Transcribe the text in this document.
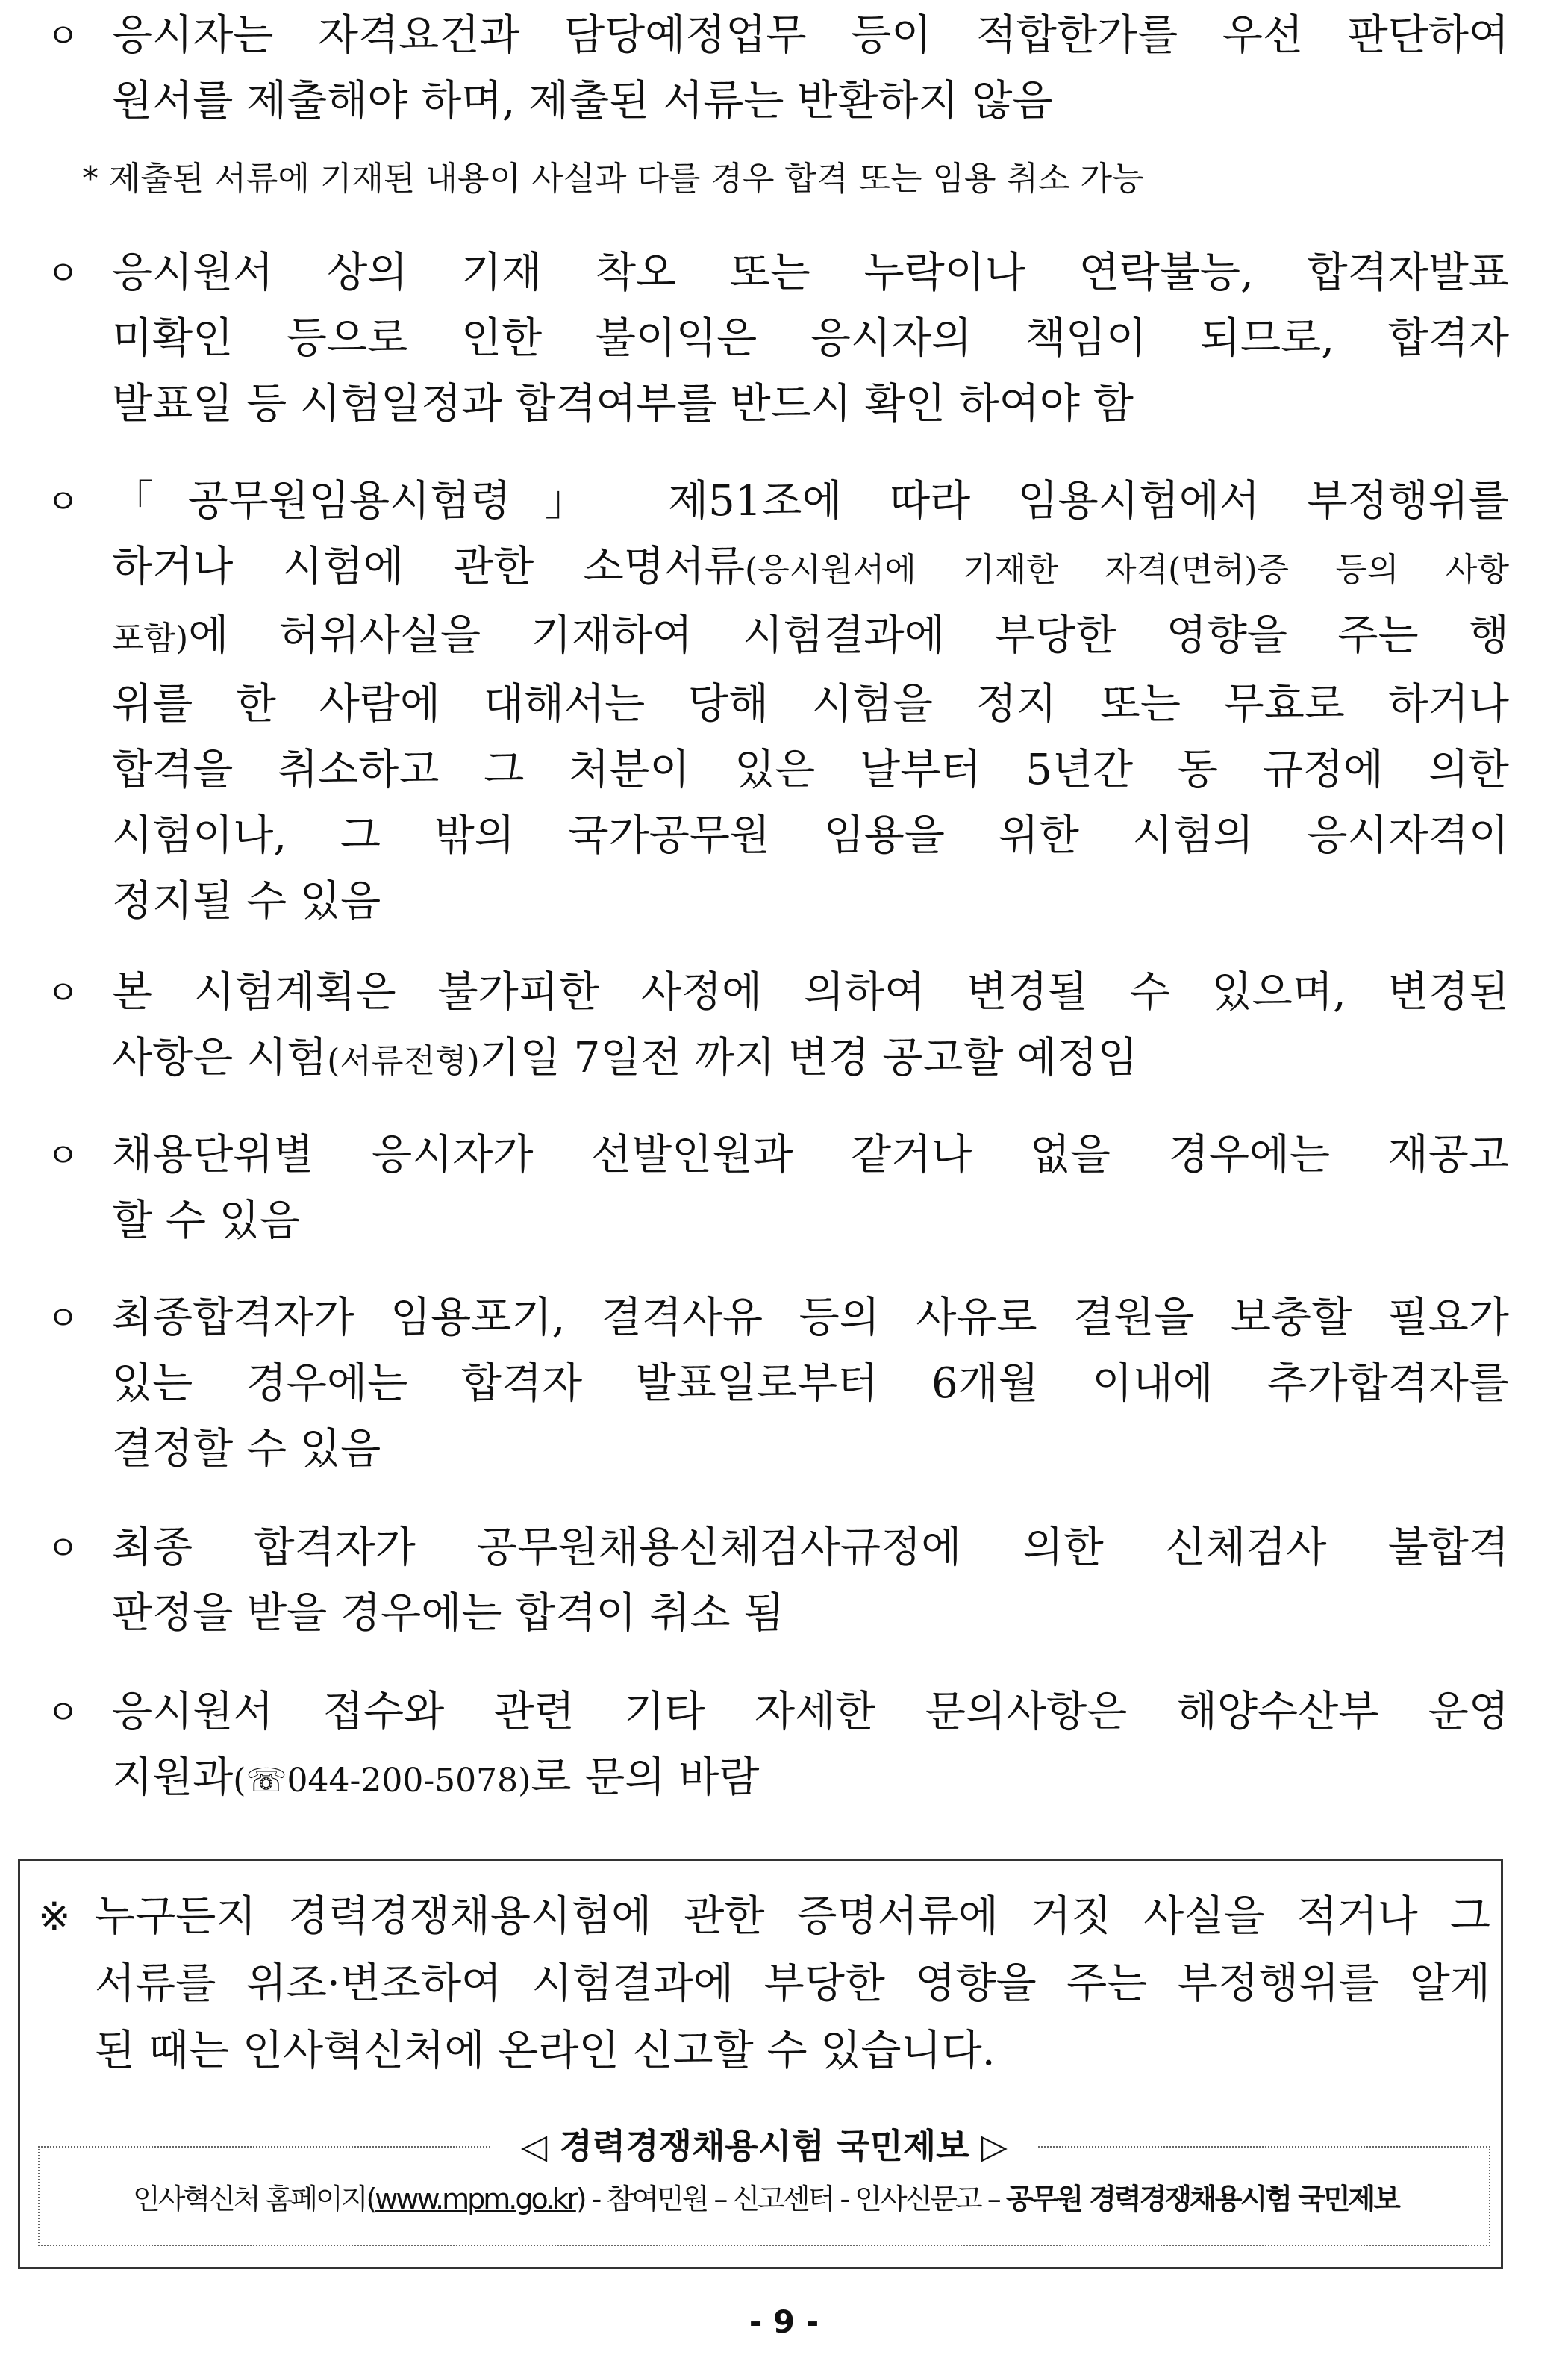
ㅇ 응시자는 자격요건과 담당예정업무 등이 적합한가를 우선 판단하여
원서를 제출해야 하며, 제출된 서류는 반환하지 않음
* 제출된 서류에 기재된 내용이 사실과 다를 경우 합격 또는 임용 취소 가능
ㅇ 응시원서 상의 기재 착오 또는 누락이나 연락불능, 합격자발표
미확인 등으로 인한 불이익은 응시자의 책임이 되므로, 합격자
발표일 등 시험일정과 합격여부를 반드시 확인 하여야 함
ㅇ 「공무원임용시험령」 제51조에 따라 임용시험에서 부정행위를
하거나 시험에 관한 소명서류(응시원서에 기재한 자격(면허)증 등의 사항
포함)에 허위사실을 기재하여 시험결과에 부당한 영향을 주는 행
위를 한 사람에 대해서는 당해 시험을 정지 또는 무효로 하거나
합격을 취소하고 그 처분이 있은 날부터 5년간 동 규정에 의한
시험이나, 그 밖의 국가공무원 임용을 위한 시험의 응시자격이
정지될 수 있음
ㅇ 본 시험계획은 불가피한 사정에 의하여 변경될 수 있으며, 변경된
사항은 시험(서류전형)기일 7일전 까지 변경 공고할 예정임
ㅇ 채용단위별 응시자가 선발인원과 같거나 없을 경우에는 재공고
할 수 있음
ㅇ 최종합격자가 임용포기, 결격사유 등의 사유로 결원을 보충할 필요가
있는 경우에는 합격자 발표일로부터 6개월 이내에 추가합격자를
결정할 수 있음
ㅇ 최종 합격자가 공무원채용신체검사규정에 의한 신체검사 불합격
판정을 받을 경우에는 합격이 취소 됨
ㅇ 응시원서 접수와 관련 기타 자세한 문의사항은 해양수산부 운영
지원과(☏044-200-5078)로 문의 바람
※ 누구든지 경력경쟁채용시험에 관한 증명서류에 거짓 사실을 적거나 그
서류를 위조·변조하여 시험결과에 부당한 영향을 주는 부정행위를 알게
된 때는 인사혁신처에 온라인 신고할 수 있습니다.
◁ 경력경쟁채용시험 국민제보 ▷
인사혁신처 홈페이지(www.mpm.go.kr) - 참여민원 – 신고센터 - 인사신문고 – 공무원 경력경쟁채용시험 국민제보
- 9 -
